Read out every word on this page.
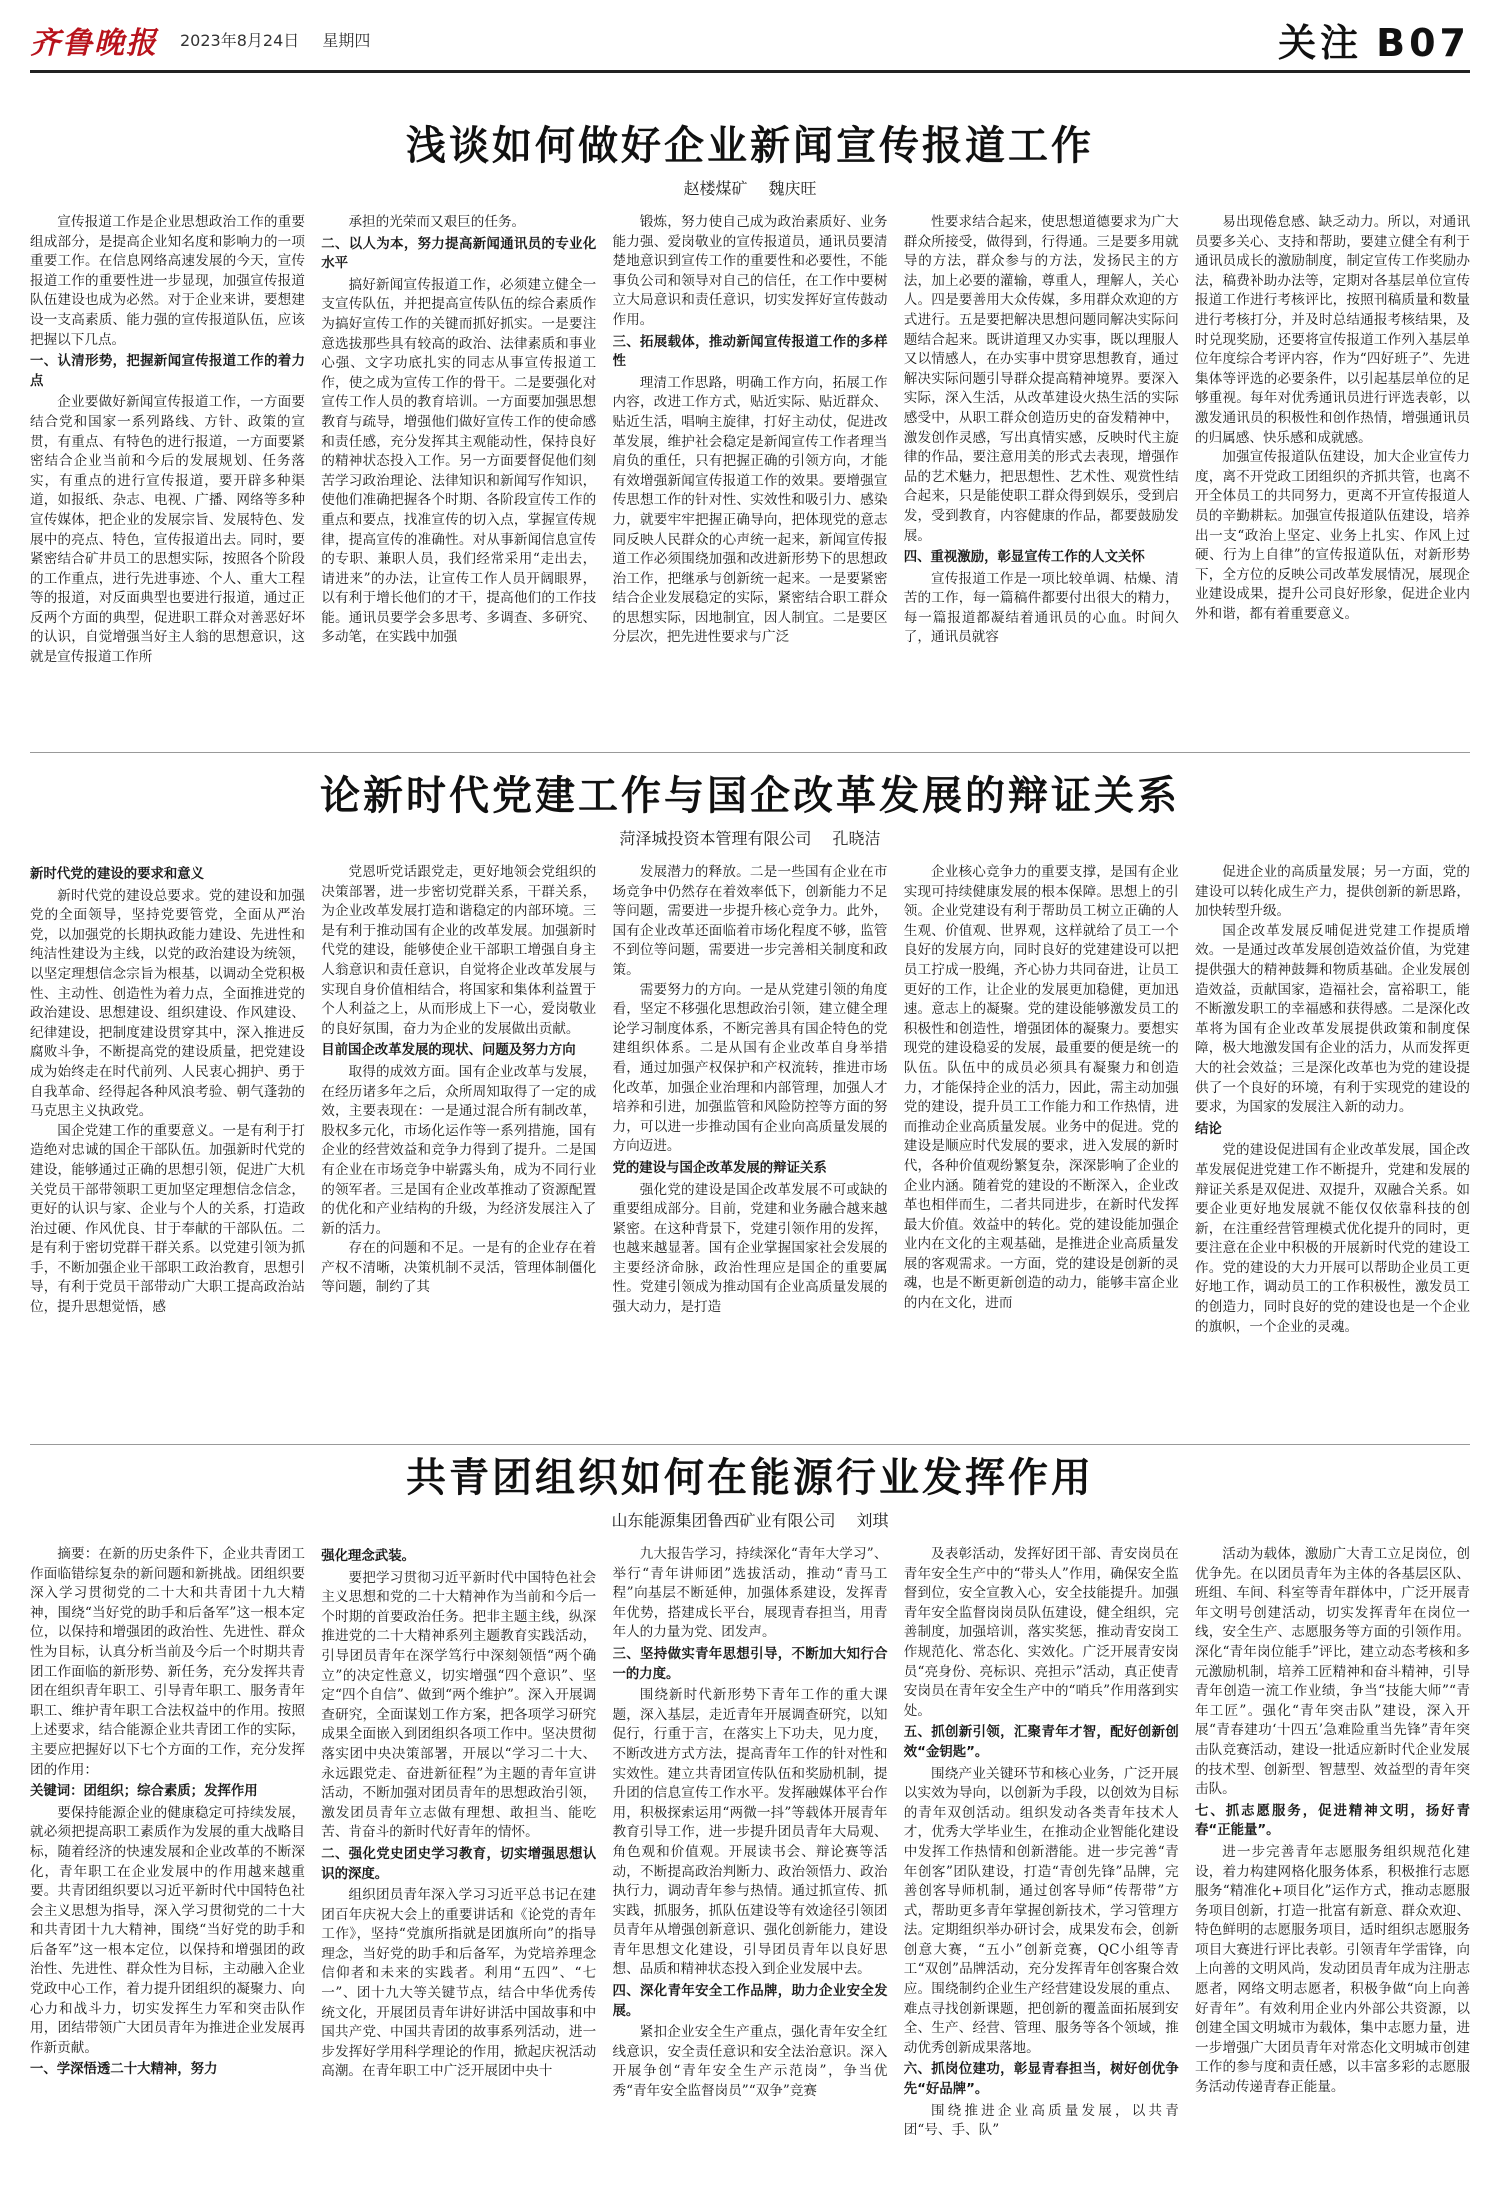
齐鲁晚报 2023年8月24日 星期四	关注 B07
浅谈如何做好企业新闻宣传报道工作
赵楼煤矿 魏庆旺

宣传报道工作是企业思想政治工作的重要组成部分，是提高企业知名度和影响力的一项重要工作。在信息网络高速发展的今天，宣传报道工作的重要性进一步显现，加强宣传报道队伍建设也成为必然。对于企业来讲，要想建设一支高素质、能力强的宣传报道队伍，应该把握以下几点。

一、认清形势，把握新闻宣传报道工作的着力点

企业要做好新闻宣传报道工作，一方面要结合党和国家一系列路线、方针、政策的宣贯，有重点、有特色的进行报道，一方面要紧密结合企业当前和今后的发展规划、任务落实，有重点的进行宣传报道，要开辟多种渠道，如报纸、杂志、电视、广播、网络等多种宣传媒体，把企业的发展宗旨、发展特色、发展中的亮点、特色，宣传报道出去。同时，要紧密结合矿井员工的思想实际，按照各个阶段的工作重点，进行先进事迹、个人、重大工程等的报道，对反面典型也要进行报道，通过正反两个方面的典型，促进职工群众对善恶好坏的认识，自觉增强当好主人翁的思想意识，这就是宣传报道工作所

承担的光荣而又艰巨的任务。

二、以人为本，努力提高新闻通讯员的专业化水平

搞好新闻宣传报道工作，必须建立健全一支宣传队伍，并把提高宣传队伍的综合素质作为搞好宣传工作的关键而抓好抓实。一是要注意选拔那些具有较高的政治、法律素质和事业心强、文字功底扎实的同志从事宣传报道工作，使之成为宣传工作的骨干。二是要强化对宣传工作人员的教育培训。一方面要加强思想教育与疏导，增强他们做好宣传工作的使命感和责任感，充分发挥其主观能动性，保持良好的精神状态投入工作。另一方面要督促他们刻苦学习政治理论、法律知识和新闻写作知识，使他们准确把握各个时期、各阶段宣传工作的重点和要点，找准宣传的切入点，掌握宣传规律，提高宣传的准确性。对从事新闻信息宣传的专职、兼职人员，我们经常采用“走出去，请进来”的办法，让宣传工作人员开阔眼界，以有利于增长他们的才干，提高他们的工作技能。通讯员要学会多思考、多调查、多研究、多动笔，在实践中加强

锻炼，努力使自己成为政治素质好、业务能力强、爱岗敬业的宣传报道员，通讯员要清楚地意识到宣传工作的重要性和必要性，不能事负公司和领导对自己的信任，在工作中要树立大局意识和责任意识，切实发挥好宣传鼓动作用。

三、拓展载体，推动新闻宣传报道工作的多样性

理清工作思路，明确工作方向，拓展工作内容，改进工作方式，贴近实际、贴近群众、贴近生活，唱响主旋律，打好主动仗，促进改革发展，维护社会稳定是新闻宣传工作者理当肩负的重任，只有把握正确的引领方向，才能有效增强新闻宣传报道工作的效果。要增强宣传思想工作的针对性、实效性和吸引力、感染力，就要牢牢把握正确导向，把体现党的意志同反映人民群众的心声统一起来，新闻宣传报道工作必须围绕加强和改进新形势下的思想政治工作，把继承与创新统一起来。一是要紧密结合企业发展稳定的实际，紧密结合职工群众的思想实际，因地制宜，因人制宜。二是要区分层次，把先进性要求与广泛

性要求结合起来，使思想道德要求为广大群众所接受，做得到，行得通。三是要多用就导的方法，群众参与的方法，发扬民主的方法，加上必要的灌输，尊重人，理解人，关心人。四是要善用大众传媒，多用群众欢迎的方式进行。五是要把解决思想问题同解决实际问题结合起来。既讲道理又办实事，既以理服人又以情感人，在办实事中贯穿思想教育，通过解决实际问题引导群众提高精神境界。要深入实际，深入生活，从改革建设火热生活的实际感受中，从职工群众创造历史的奋发精神中，激发创作灵感，写出真情实感，反映时代主旋律的作品，要注意用美的形式去表现，增强作品的艺术魅力，把思想性、艺术性、观赏性结合起来，只是能使职工群众得到娱乐，受到启发，受到教育，内容健康的作品，都要鼓励发展。

四、重视激励，彰显宣传工作的人文关怀

宣传报道工作是一项比较单调、枯燥、清苦的工作，每一篇稿件都要付出很大的精力，每一篇报道都凝结着通讯员的心血。时间久了，通讯员就容

易出现倦怠感、缺乏动力。所以，对通讯员要多关心、支持和帮助，要建立健全有利于通讯员成长的激励制度，制定宣传工作奖励办法，稿费补助办法等，定期对各基层单位宣传报道工作进行考核评比，按照刊稿质量和数量进行考核打分，并及时总结通报考核结果，及时兑现奖励，还要将宣传报道工作列入基层单位年度综合考评内容，作为“四好班子”、先进集体等评选的必要条件，以引起基层单位的足够重视。每年对优秀通讯员进行评选表彰，以激发通讯员的积极性和创作热情，增强通讯员的归属感、快乐感和成就感。

加强宣传报道队伍建设，加大企业宣传力度，离不开党政工团组织的齐抓共管，也离不开全体员工的共同努力，更离不开宣传报道人员的辛勤耕耘。加强宣传报道队伍建设，培养出一支“政治上坚定、业务上扎实、作风上过硬、行为上自律”的宣传报道队伍，对新形势下，全方位的反映公司改革发展情况，展现企业建设成果，提升公司良好形象，促进企业内外和谐，都有着重要意义。

论新时代党建工作与国企改革发展的辩证关系
菏泽城投资本管理有限公司 孔晓洁

新时代党的建设的要求和意义

新时代党的建设总要求。党的建设和加强党的全面领导，坚持党要管党，全面从严治党，以加强党的长期执政能力建设、先进性和纯洁性建设为主线，以党的政治建设为统领，以坚定理想信念宗旨为根基，以调动全党积极性、主动性、创造性为着力点，全面推进党的政治建设、思想建设、组织建设、作风建设、纪律建设，把制度建设贯穿其中，深入推进反腐败斗争，不断提高党的建设质量，把党建设成为始终走在时代前列、人民衷心拥护、勇于自我革命、经得起各种风浪考验、朝气蓬勃的马克思主义执政党。

国企党建工作的重要意义。一是有利于打造绝对忠诚的国企干部队伍。加强新时代党的建设，能够通过正确的思想引领，促进广大机关党员干部带领职工更加坚定理想信念信念，更好的认识与家、企业与个人的关系，打造政治过硬、作风优良、甘于奉献的干部队伍。二是有利于密切党群干群关系。以党建引领为抓手，不断加强企业干部职工政治教育，思想引导，有利于党员干部带动广大职工提高政治站位，提升思想觉悟，感

党恩听党话跟党走，更好地领会党组织的决策部署，进一步密切党群关系，干群关系，为企业改革发展打造和谐稳定的内部环境。三是有利于推动国有企业的改革发展。加强新时代党的建设，能够使企业干部职工增强自身主人翁意识和责任意识，自觉将企业改革发展与实现自身价值相结合，将国家和集体利益置于个人利益之上，从而形成上下一心，爱岗敬业的良好氛围，奋力为企业的发展做出贡献。

目前国企改革发展的现状、问题及努力方向

取得的成效方面。国有企业改革与发展，在经历诸多年之后，众所周知取得了一定的成效，主要表现在：一是通过混合所有制改革，股权多元化，市场化运作等一系列措施，国有企业的经营效益和竞争力得到了提升。二是国有企业在市场竞争中崭露头角，成为不同行业的领军者。三是国有企业改革推动了资源配置的优化和产业结构的升级，为经济发展注入了新的活力。

存在的问题和不足。一是有的企业存在着产权不清晰，决策机制不灵活，管理体制僵化等问题，制约了其

发展潜力的释放。二是一些国有企业在市场竞争中仍然存在着效率低下，创新能力不足等问题，需要进一步提升核心竞争力。此外，国有企业改革还面临着市场化程度不够，监管不到位等问题，需要进一步完善相关制度和政策。

需要努力的方向。一是从党建引领的角度看，坚定不移强化思想政治引领，建立健全理论学习制度体系，不断完善具有国企特色的党建组织体系。二是从国有企业改革自身举措看，通过加强产权保护和产权流转，推进市场化改革，加强企业治理和内部管理，加强人才培养和引进，加强监管和风险防控等方面的努力，可以进一步推动国有企业向高质量发展的方向迈进。

党的建设与国企改革发展的辩证关系

强化党的建设是国企改革发展不可或缺的重要组成部分。目前，党建和业务融合越来越紧密。在这种背景下，党建引领作用的发挥，也越来越显著。国有企业掌握国家社会发展的主要经济命脉，政治性理应是国企的重要属性。党建引领成为推动国有企业高质量发展的强大动力，是打造

企业核心竞争力的重要支撑，是国有企业实现可持续健康发展的根本保障。思想上的引领。企业党建设有利于帮助员工树立正确的人生观、价值观、世界观，这样就给了员工一个良好的发展方向，同时良好的党建建设可以把员工拧成一股绳，齐心协力共同奋进，让员工更好的工作，让企业的发展更加稳健，更加迅速。意志上的凝聚。党的建设能够激发员工的积极性和创造性，增强团体的凝聚力。要想实现党的建设稳妥的发展，最重要的便是统一的队伍。队伍中的成员必须具有凝聚力和创造力，才能保持企业的活力，因此，需主动加强党的建设，提升员工工作能力和工作热情，进而推动企业高质量发展。业务中的促进。党的建设是顺应时代发展的要求，进入发展的新时代，各种价值观纷繁复杂，深深影响了企业的企业内涵。随着党的建设的不断深入，企业改革也相伴而生，二者共同进步，在新时代发挥最大价值。效益中的转化。党的建设能加强企业内在文化的主观基础，是推进企业高质量发展的客观需求。一方面，党的建设是创新的灵魂，也是不断更新创造的动力，能够丰富企业的内在文化，进而

促进企业的高质量发展；另一方面，党的建设可以转化成生产力，提供创新的新思路，加快转型升级。

国企改革发展反哺促进党建工作提质增效。一是通过改革发展创造效益价值，为党建提供强大的精神鼓舞和物质基础。企业发展创造效益，贡献国家，造福社会，富裕职工，能不断激发职工的幸福感和获得感。二是深化改革将为国有企业改革发展提供政策和制度保障，极大地激发国有企业的活力，从而发挥更大的社会效益；三是深化改革也为党的建设提供了一个良好的环境，有利于实现党的建设的要求，为国家的发展注入新的动力。

结论

党的建设促进国有企业改革发展，国企改革发展促进党建工作不断提升，党建和发展的辩证关系是双促进、双提升，双融合关系。如要企业更好地发展就不能仅仅依靠科技的创新，在注重经营管理模式优化提升的同时，更要注意在企业中积极的开展新时代党的建设工作。党的建设的大力开展可以帮助企业员工更好地工作，调动员工的工作积极性，激发员工的创造力，同时良好的党的建设也是一个企业的旗帜，一个企业的灵魂。

共青团组织如何在能源行业发挥作用
山东能源集团鲁西矿业有限公司 刘琪

摘要：在新的历史条件下，企业共青团工作面临错综复杂的新问题和新挑战。团组织要深入学习贯彻党的二十大和共青团十九大精神，围绕“当好党的助手和后备军”这一根本定位，以保持和增强团的政治性、先进性、群众性为目标，认真分析当前及今后一个时期共青团工作面临的新形势、新任务，充分发挥共青团在组织青年职工、引导青年职工、服务青年职工、维护青年职工合法权益中的作用。按照上述要求，结合能源企业共青团工作的实际，主要应把握好以下七个方面的工作，充分发挥团的作用：

关键词：团组织；综合素质；发挥作用

要保持能源企业的健康稳定可持续发展，就必须把提高职工素质作为发展的重大战略目标，随着经济的快速发展和企业改革的不断深化，青年职工在企业发展中的作用越来越重要。共青团组织要以习近平新时代中国特色社会主义思想为指导，深入学习贯彻党的二十大和共青团十九大精神，围绕“当好党的助手和后备军”这一根本定位，以保持和增强团的政治性、先进性、群众性为目标，主动融入企业党政中心工作，着力提升团组织的凝聚力、向心力和战斗力，切实发挥生力军和突击队作用，团结带领广大团员青年为推进企业发展再作新贡献。

一、学深悟透二十大精神，努力

强化理念武装。

要把学习贯彻习近平新时代中国特色社会主义思想和党的二十大精神作为当前和今后一个时期的首要政治任务。把非主题主线，纵深推进党的二十大精神系列主题教育实践活动，引导团员青年在深学笃行中深刻领悟“两个确立”的决定性意义，切实增强“四个意识”、坚定“四个自信”、做到“两个维护”。深入开展调查研究，全面谋划工作方案，把各项学习研究成果全面嵌入到团组织各项工作中。坚决贯彻落实团中央决策部署，开展以“学习二十大、永远跟党走、奋进新征程”为主题的青年宣讲活动，不断加强对团员青年的思想政治引领，激发团员青年立志做有理想、敢担当、能吃苦、肯奋斗的新时代好青年的情怀。

二、强化党史团史学习教育，切实增强思想认识的深度。

组织团员青年深入学习习近平总书记在建团百年庆祝大会上的重要讲话和《论党的青年工作》，坚持“党旗所指就是团旗所向”的指导理念，当好党的助手和后备军，为党培养理念信仰者和未来的实践者。利用“五四”、“七一”、团十九大等关键节点，结合中华优秀传统文化，开展团员青年讲好讲活中国故事和中国共产党、中国共青团的故事系列活动，进一步发挥好学用科学理论的作用，掀起庆祝活动高潮。在青年职工中广泛开展团中央十

九大报告学习，持续深化“青年大学习”、举行“青年讲师团”选拔活动，推动“青马工程”向基层不断延伸，加强体系建设，发挥青年优势，搭建成长平台，展现青春担当，用青年人的力量为党、团发声。

三、坚持做实青年思想引导，不断加大知行合一的力度。

围绕新时代新形势下青年工作的重大课题，深入基层，走近青年开展调查研究，以知促行，行重于言，在落实上下功夫，见力度，不断改进方式方法，提高青年工作的针对性和实效性。建立共青团宣传队伍和奖励机制，提升团的信息宣传工作水平。发挥融媒体平台作用，积极探索运用“两微一抖”等载体开展青年教育引导工作，进一步提升团员青年大局观、角色观和价值观。开展读书会、辩论赛等活动，不断提高政治判断力、政治领悟力、政治执行力，调动青年参与热情。通过抓宣传、抓实践，抓服务，抓队伍建设等有效途径引领团员青年从增强创新意识、强化创新能力，建设青年思想文化建设，引导团员青年以良好思想、品质和精神状态投入到企业发展中去。

四、深化青年安全工作品牌，助力企业安全发展。

紧扣企业安全生产重点，强化青年安全红线意识，安全责任意识和安全法治意识。深入开展争创“青年安全生产示范岗”，争当优秀“青年安全监督岗员”“双争”竞赛

及表彰活动，发挥好团干部、青安岗员在青年安全生产中的“带头人”作用，确保安全监督到位，安全宣教入心，安全技能提升。加强青年安全监督岗岗员队伍建设，健全组织，完善制度，加强培训，落实奖惩，推动青安岗工作规范化、常态化、实效化。广泛开展青安岗员“亮身份、亮标识、亮担示”活动，真正使青安岗员在青年安全生产中的“哨兵”作用落到实处。

五、抓创新引领，汇聚青年才智，配好创新创效“金钥匙”。

围绕产业关键环节和核心业务，广泛开展以实效为导向，以创新为手段，以创效为目标的青年双创活动。组织发动各类青年技术人才，优秀大学毕业生，在推动企业智能化建设中发挥工作热情和创新潜能。进一步完善“青年创客”团队建设，打造“青创先锋”品牌，完善创客导师机制，通过创客导师“传帮带”方式，帮助更多青年掌握创新技术，学习管理方法。定期组织举办研讨会，成果发布会，创新创意大赛，“五小”创新竞赛，QC小组等青工“双创”品牌活动，充分发挥青年创客聚合效应。围绕制约企业生产经营建设发展的重点、难点寻找创新课题，把创新的覆盖面拓展到安全、生产、经营、管理、服务等各个领域，推动优秀创新成果落地。

六、抓岗位建功，彰显青春担当，树好创优争先“好品牌”。

围绕推进企业高质量发展，以共青团“号、手、队”

活动为载体，激励广大青工立足岗位，创优争先。在以团员青年为主体的各基层区队、班组、车间、科室等青年群体中，广泛开展青年文明号创建活动，切实发挥青年在岗位一线，安全生产、志愿服务等方面的引领作用。深化“青年岗位能手”评比，建立动态考核和多元激励机制，培养工匠精神和奋斗精神，引导青年创造一流工作业绩，争当“技能大师”“青年工匠”。强化“青年突击队”建设，深入开展“青春建功‘十四五’急难险重当先锋”青年突击队竞赛活动，建设一批适应新时代企业发展的技术型、创新型、智慧型、效益型的青年突击队。

七、抓志愿服务，促进精神文明，扬好青春“正能量”。

进一步完善青年志愿服务组织规范化建设，着力构建网格化服务体系，积极推行志愿服务“精准化+项目化”运作方式，推动志愿服务项目创新，打造一批富有新意、群众欢迎、特色鲜明的志愿服务项目，适时组织志愿服务项目大赛进行评比表彰。引领青年学雷锋，向上向善的文明风尚，发动团员青年成为注册志愿者，网络文明志愿者，积极争做“向上向善好青年”。有效利用企业内外部公共资源，以创建全国文明城市为载体，集中志愿力量，进一步增强广大团员青年对常态化文明城市创建工作的参与度和责任感，以丰富多彩的志愿服务活动传递青春正能量。
